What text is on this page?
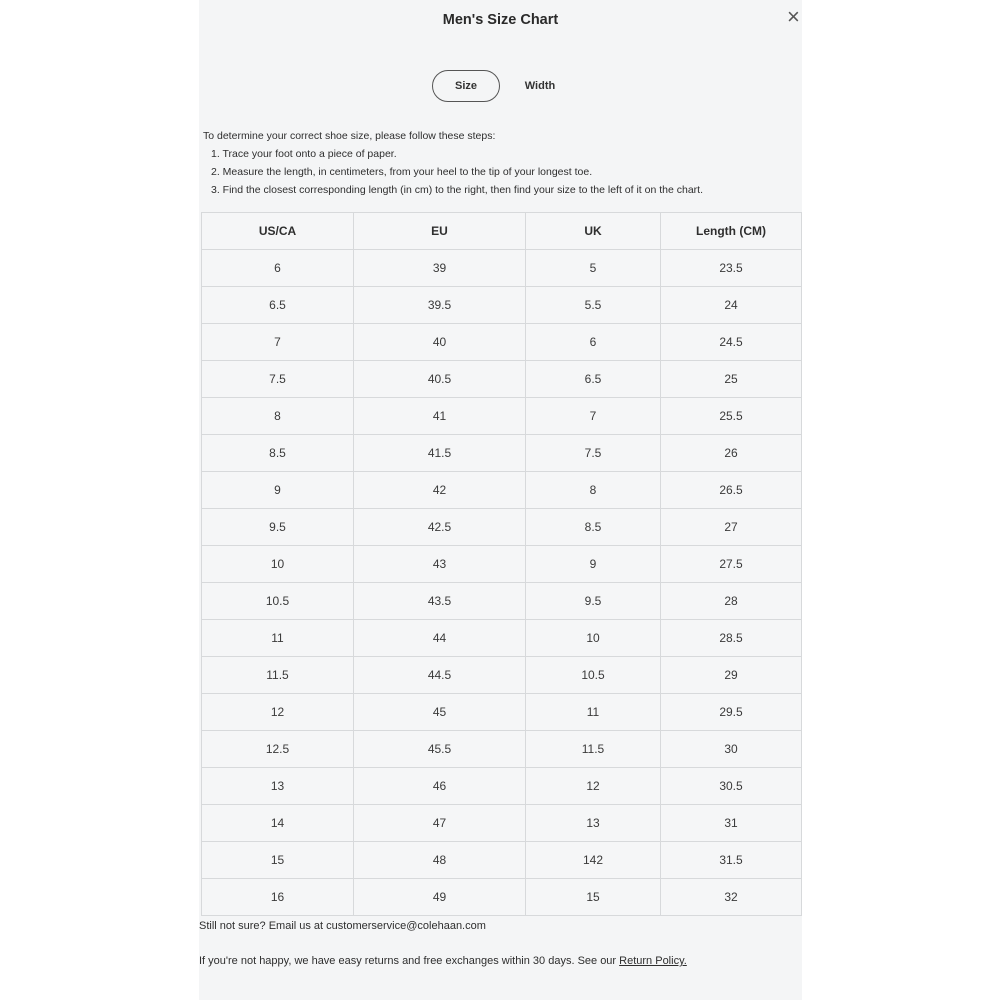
Men's Size Chart	×
Size	Width
To determine your correct shoe size, please follow these steps:
1. Trace your foot onto a piece of paper.
2. Measure the length, in centimeters, from your heel to the tip of your longest toe.
3. Find the closest corresponding length (in cm) to the right, then find your size to the left of it on the chart.
US/CA	EU	UK	Length (CM)
6	39	5	23.5
6.5	39.5	5.5	24
7	40	6	24.5
7.5	40.5	6.5	25
8	41	7	25.5
8.5	41.5	7.5	26
9	42	8	26.5
9.5	42.5	8.5	27
10	43	9	27.5
10.5	43.5	9.5	28
11	44	10	28.5
11.5	44.5	10.5	29
12	45	11	29.5
12.5	45.5	11.5	30
13	46	12	30.5
14	47	13	31
15	48	142	31.5
16	49	15	32
Still not sure? Email us at customerservice@colehaan.com
If you're not happy, we have easy returns and free exchanges within 30 days. See our Return Policy.
